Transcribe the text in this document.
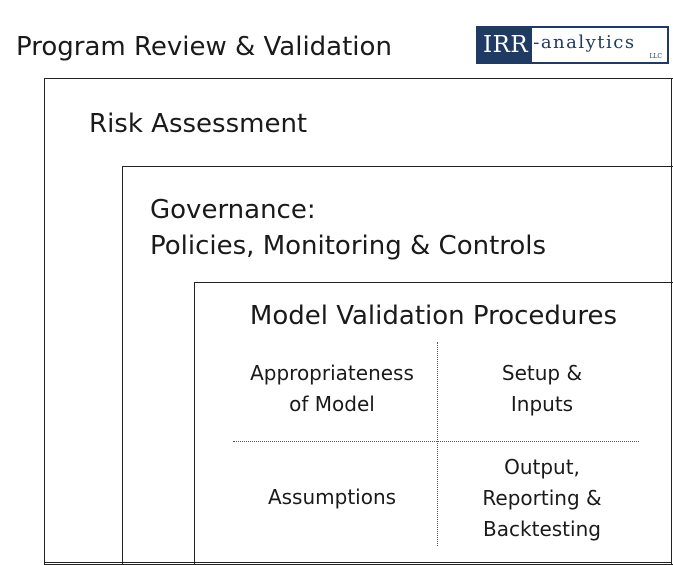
Program Review & Validation	IRR -analytics
LLC
Risk Assessment
Governance:
Policies, Monitoring & Controls
Model Validation Procedures
Appropriateness
of Model
Setup &
Inputs
Assumptions
Output,
Reporting &
Backtesting
